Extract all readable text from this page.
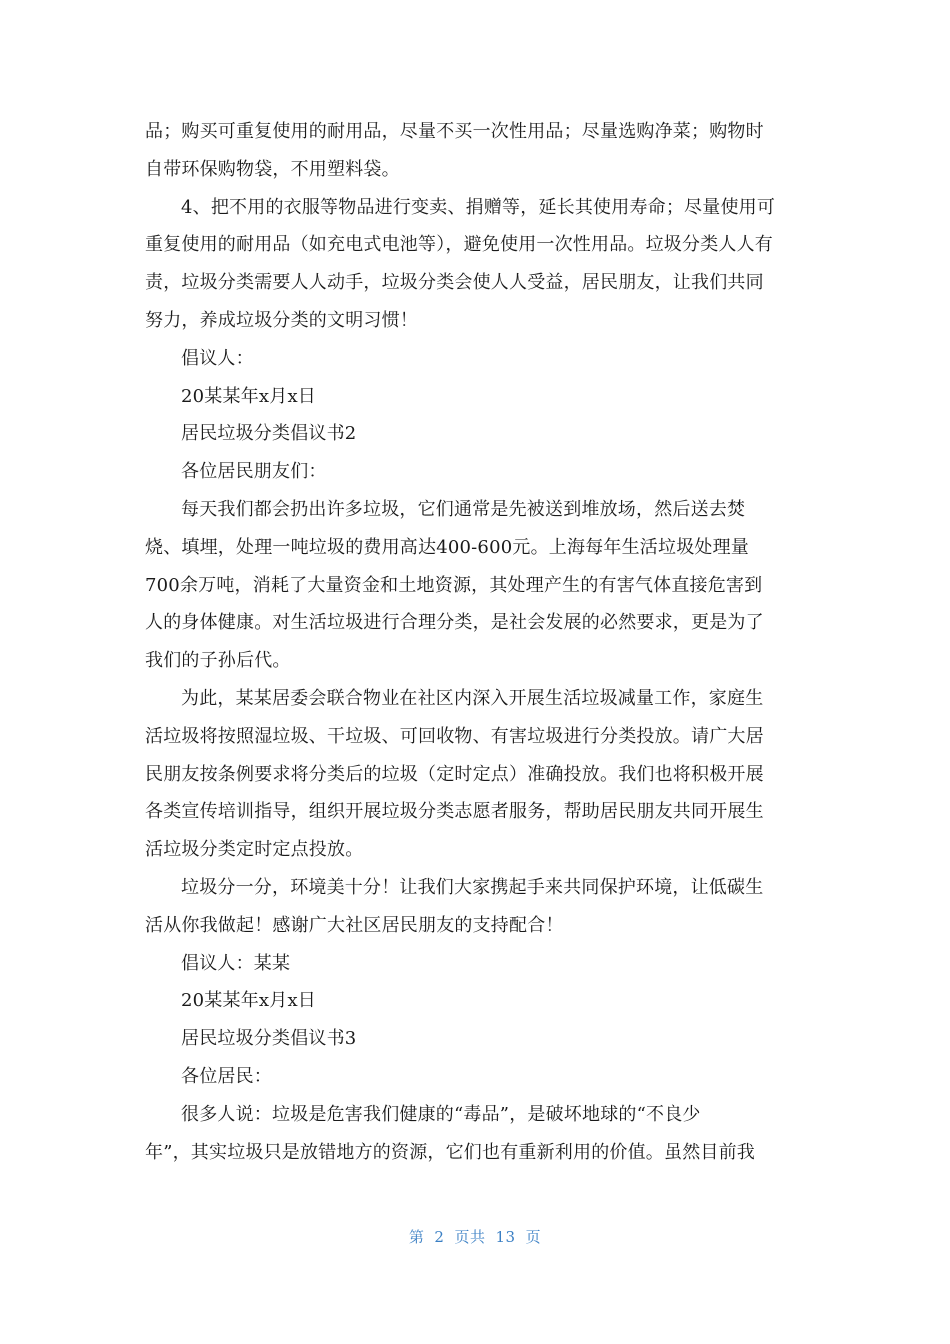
品；购买可重复使用的耐用品，尽量不买一次性用品；尽量选购净菜；购物时
自带环保购物袋，不用塑料袋。
4、把不用的衣服等物品进行变卖、捐赠等，延长其使用寿命；尽量使用可
重复使用的耐用品（如充电式电池等），避免使用一次性用品。垃圾分类人人有
责，垃圾分类需要人人动手，垃圾分类会使人人受益，居民朋友，让我们共同
努力，养成垃圾分类的文明习惯！
倡议人：
20某某年x月x日
居民垃圾分类倡议书2
各位居民朋友们：
每天我们都会扔出许多垃圾，它们通常是先被送到堆放场，然后送去焚
烧、填埋，处理一吨垃圾的费用高达400-600元。上海每年生活垃圾处理量
700余万吨，消耗了大量资金和土地资源，其处理产生的有害气体直接危害到
人的身体健康。对生活垃圾进行合理分类，是社会发展的必然要求，更是为了
我们的子孙后代。
为此，某某居委会联合物业在社区内深入开展生活垃圾减量工作，家庭生
活垃圾将按照湿垃圾、干垃圾、可回收物、有害垃圾进行分类投放。请广大居
民朋友按条例要求将分类后的垃圾（定时定点）准确投放。我们也将积极开展
各类宣传培训指导，组织开展垃圾分类志愿者服务，帮助居民朋友共同开展生
活垃圾分类定时定点投放。
垃圾分一分，环境美十分！让我们大家携起手来共同保护环境，让低碳生
活从你我做起！感谢广大社区居民朋友的支持配合！
倡议人：某某
20某某年x月x日
居民垃圾分类倡议书3
各位居民：
很多人说：垃圾是危害我们健康的“毒品”，是破坏地球的“不良少
年”，其实垃圾只是放错地方的资源，它们也有重新利用的价值。虽然目前我
第 2 页共 13 页
